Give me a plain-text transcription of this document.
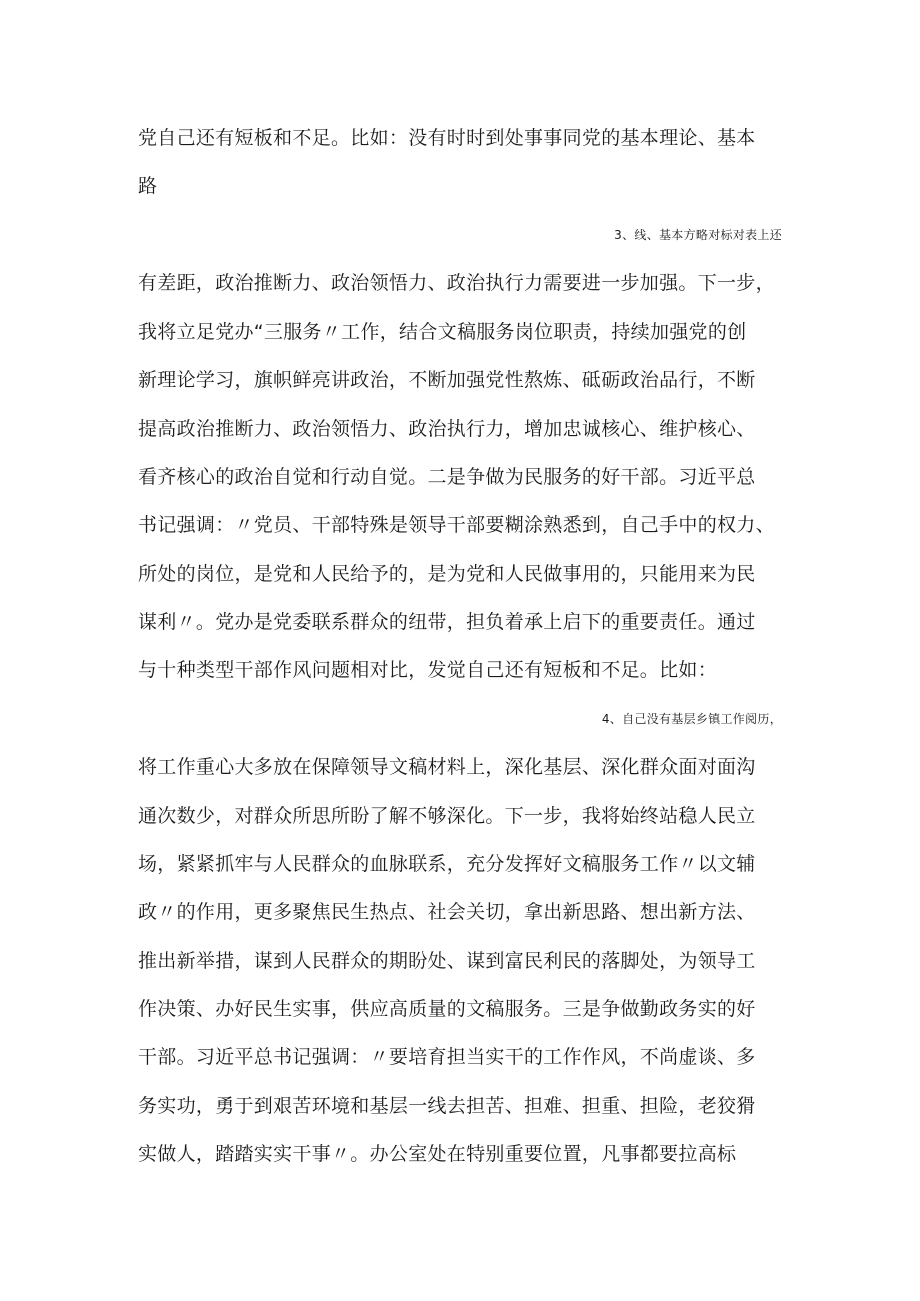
党自己还有短板和不足。比如：没有时时到处事事同党的基本理论、基本
路
3、线、基本方略对标对表上还
有差距，政治推断力、政治领悟力、政治执行力需要进一步加强。下一步，
我将立足党办“三服务〃工作，结合文稿服务岗位职责，持续加强党的创
新理论学习，旗帜鲜亮讲政治，不断加强党性熬炼、砥砺政治品行，不断
提高政治推断力、政治领悟力、政治执行力，增加忠诚核心、维护核心、
看齐核心的政治自觉和行动自觉。二是争做为民服务的好干部。习近平总
书记强调：〃党员、干部特殊是领导干部要糊涂熟悉到，自己手中的权力、
所处的岗位，是党和人民给予的，是为党和人民做事用的，只能用来为民
谋利〃。党办是党委联系群众的纽带，担负着承上启下的重要责任。通过
与十种类型干部作风问题相对比，发觉自己还有短板和不足。比如：
4、自己没有基层乡镇工作阅历，
将工作重心大多放在保障领导文稿材料上，深化基层、深化群众面对面沟
通次数少，对群众所思所盼了解不够深化。下一步，我将始终站稳人民立
场，紧紧抓牢与人民群众的血脉联系，充分发挥好文稿服务工作〃以文辅
政〃的作用，更多聚焦民生热点、社会关切，拿出新思路、想出新方法、
推出新举措，谋到人民群众的期盼处、谋到富民利民的落脚处，为领导工
作决策、办好民生实事，供应高质量的文稿服务。三是争做勤政务实的好
干部。习近平总书记强调：〃要培育担当实干的工作作风，不尚虚谈、多
务实功，勇于到艰苦环境和基层一线去担苦、担难、担重、担险，老狡猾
实做人，踏踏实实干事〃。办公室处在特别重要位置，凡事都要拉高标
